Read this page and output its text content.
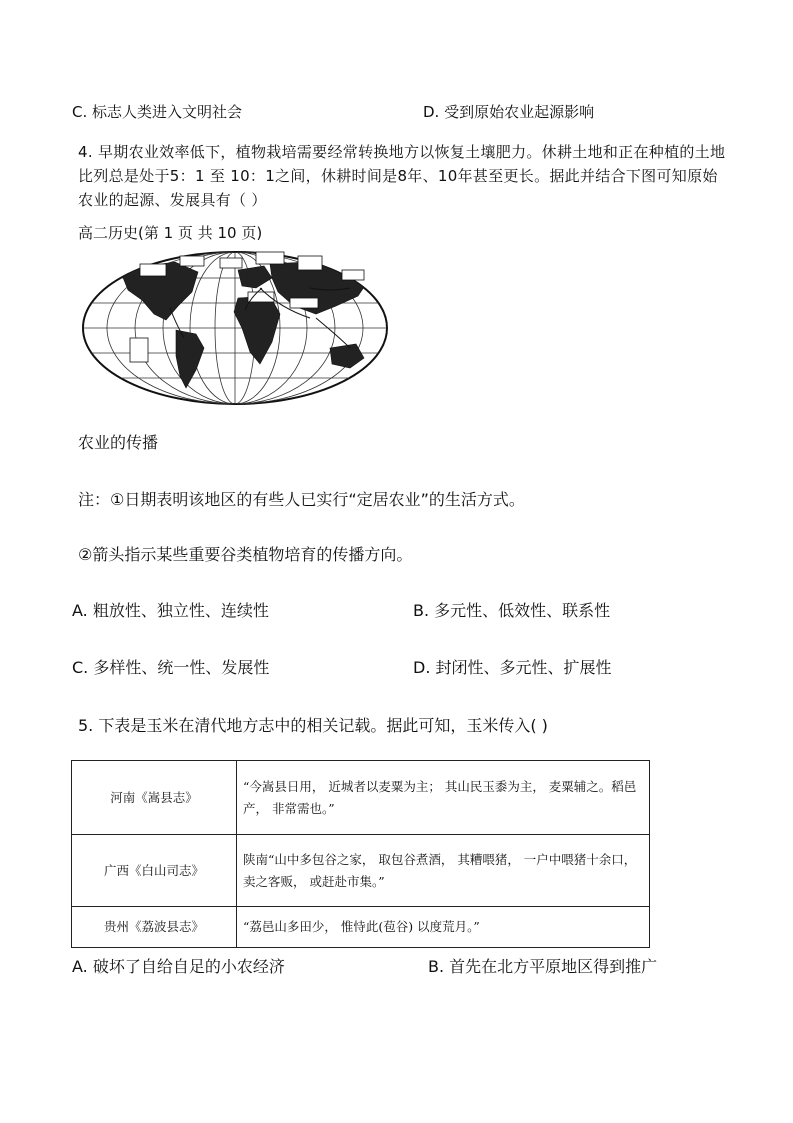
C. 标志人类进入文明社会	D. 受到原始农业起源影响
4. 早期农业效率低下，植物栽培需要经常转换地方以恢复土壤肥力。休耕土地和正在种植的土地比列总是处于5：1 至 10：1之间，休耕时间是8年、10年甚至更长。据此并结合下图可知原始农业的起源、发展具有（ ）
高二历史(第 1 页 共 10 页)
农业的传播
注：①日期表明该地区的有些人已实行“定居农业”的生活方式。
②箭头指示某些重要谷类植物培育的传播方向。
A. 粗放性、独立性、连续性	B. 多元性、低效性、联系性
C. 多样性、统一性、发展性	D. 封闭性、多元性、扩展性
5. 下表是玉米在清代地方志中的相关记载。据此可知，玉米传入( )
河南《嵩县志》	“今嵩县日用， 近城者以麦粟为主； 其山民玉黍为主， 麦粟辅之。稻邑产， 非常需也。”
广西《白山司志》	陕南“山中多包谷之家， 取包谷煮酒， 其糟喂猪， 一户中喂猪十余口， 卖之客贩， 或赶赴市集。”
贵州《荔波县志》	“荔邑山多田少， 惟恃此(苞谷) 以度荒月。”
A. 破坏了自给自足的小农经济	B. 首先在北方平原地区得到推广
